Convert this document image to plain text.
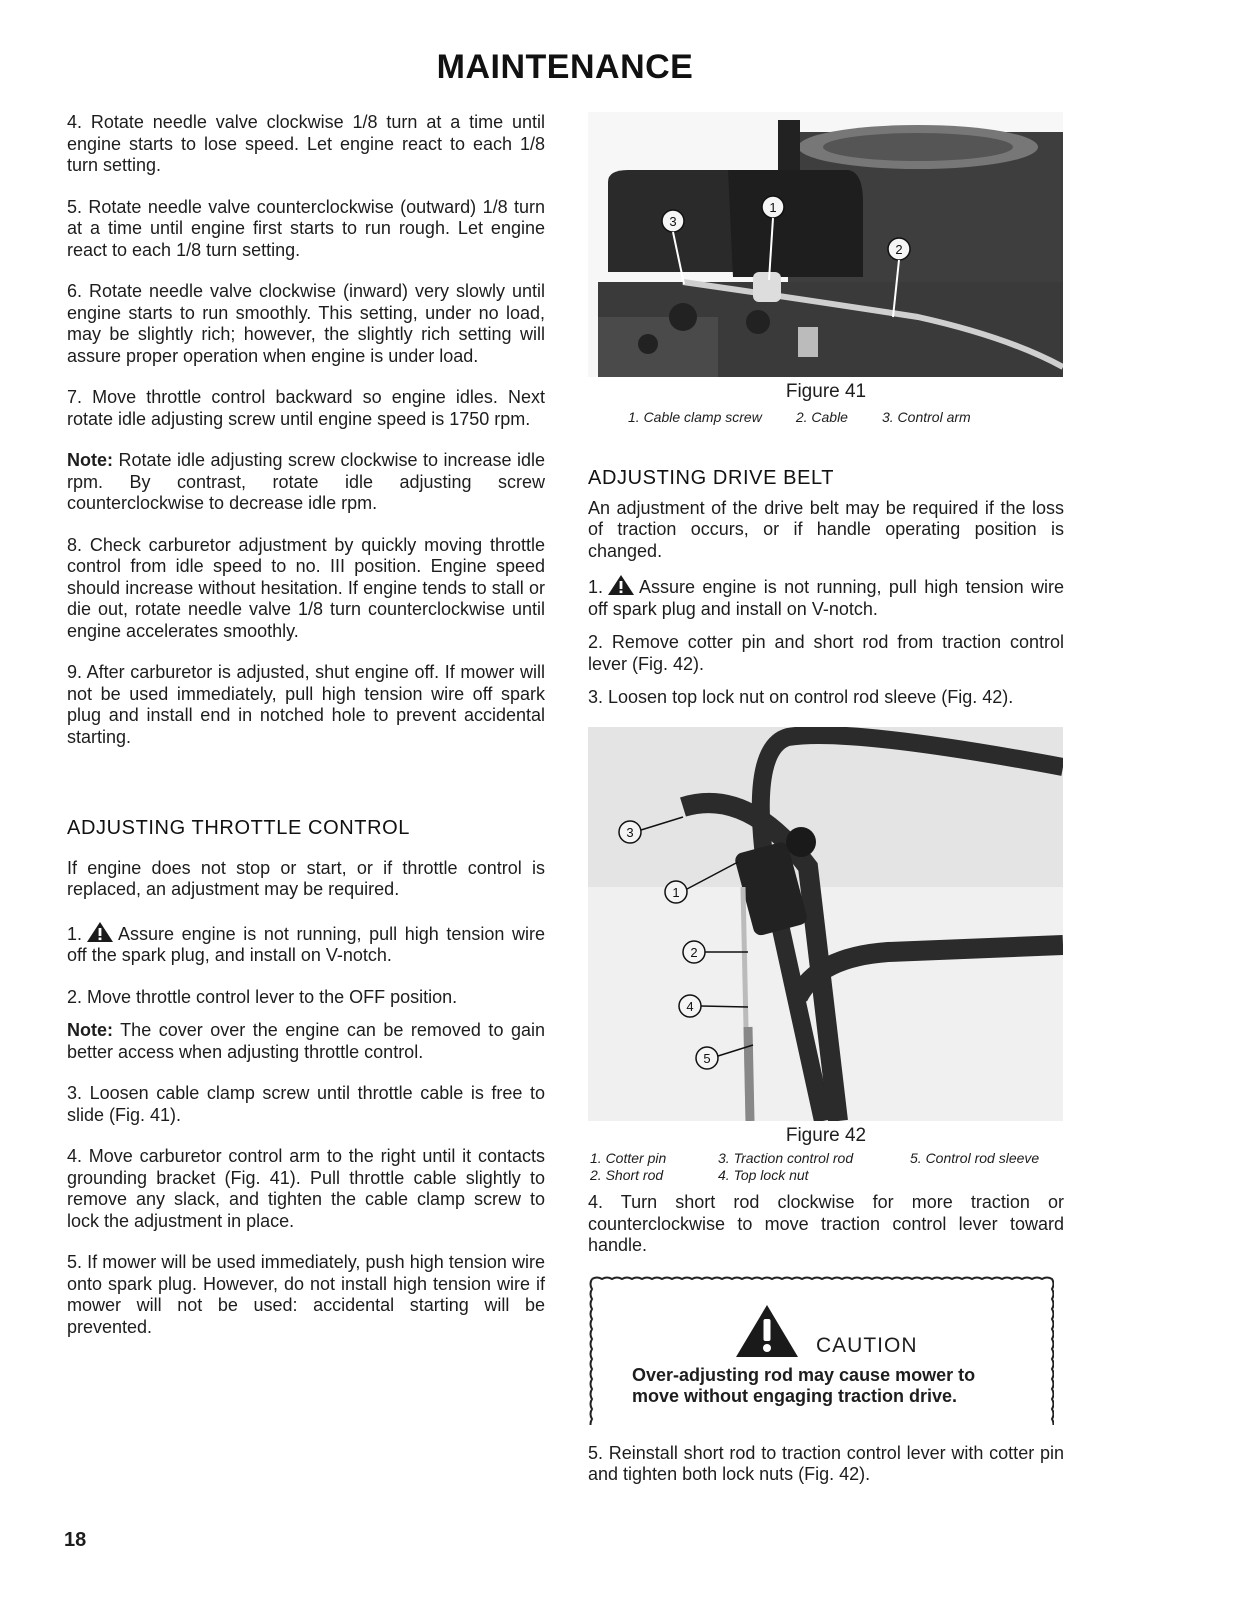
MAINTENANCE

4. Rotate needle valve clockwise 1/8 turn at a time until engine starts to lose speed. Let engine react to each 1/8 turn setting.

5. Rotate needle valve counterclockwise (outward) 1/8 turn at a time until engine first starts to run rough. Let engine react to each 1/8 turn setting.

6. Rotate needle valve clockwise (inward) very slowly until engine starts to run smoothly. This setting, under no load, may be slightly rich; however, the slightly rich setting will assure proper operation when engine is under load.

7. Move throttle control backward so engine idles. Next rotate idle adjusting screw until engine speed is 1750 rpm.

Note: Rotate idle adjusting screw clockwise to increase idle rpm. By contrast, rotate idle adjusting screw counterclockwise to decrease idle rpm.

8. Check carburetor adjustment by quickly moving throttle control from idle speed to no. III position. Engine speed should increase without hesitation. If engine tends to stall or die out, rotate needle valve 1/8 turn counterclockwise until engine accelerates smoothly.

9. After carburetor is adjusted, shut engine off. If mower will not be used immediately, pull high tension wire off spark plug and install end in notched hole to prevent accidental starting.

ADJUSTING THROTTLE CONTROL

If engine does not stop or start, or if throttle control is replaced, an adjustment may be required.

1. Assure engine is not running, pull high tension wire off the spark plug, and install on V-notch.

2. Move throttle control lever to the OFF position.

Note: The cover over the engine can be removed to gain better access when adjusting throttle control.

3. Loosen cable clamp screw until throttle cable is free to slide (Fig. 41).

4. Move carburetor control arm to the right until it contacts grounding bracket (Fig. 41). Pull throttle cable slightly to remove any slack, and tighten the cable clamp screw to lock the adjustment in place.

5. If mower will be used immediately, push high tension wire onto spark plug. However, do not install high tension wire if mower will not be used: accidental starting will be prevented.

1
2
3
Figure 41
1. Cable clamp screw 2. Cable 3. Control arm
ADJUSTING DRIVE BELT

An adjustment of the drive belt may be required if the loss of traction occurs, or if handle operating position is changed.

1. Assure engine is not running, pull high tension wire off spark plug and install on V-notch.

2. Remove cotter pin and short rod from traction control lever (Fig. 42).

3. Loosen top lock nut on control rod sleeve (Fig. 42).

3
1
2
4
5
Figure 42
1. Cotter pin	3. Traction control rod	5. Control rod sleeve
2. Short rod	4. Top lock nut

4. Turn short rod clockwise for more traction or counterclockwise to move traction control lever toward handle.

CAUTION
Over-adjusting rod may cause mower to move without engaging traction drive.

5. Reinstall short rod to traction control lever with cotter pin and tighten both lock nuts (Fig. 42).

18
